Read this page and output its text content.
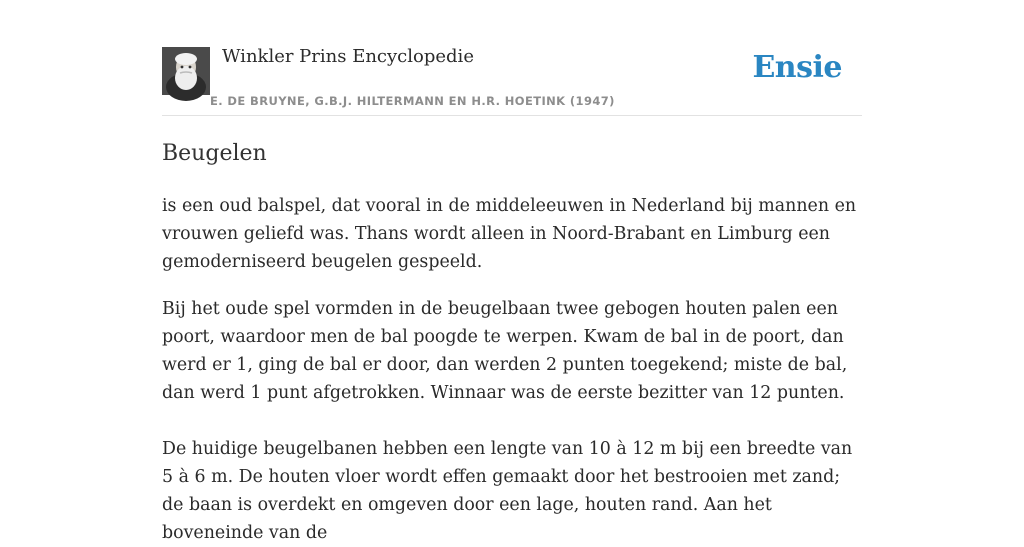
Winkler Prins Encyclopedie
E. DE BRUYNE, G.B.J. HILTERMANN EN H.R. HOETINK (1947)
Ensie
Beugelen

is een oud balspel, dat vooral in de middeleeuwen in Nederland bij mannen en vrouwen geliefd was. Thans wordt alleen in Noord-Brabant en Limburg een gemoderniseerd beugelen gespeeld.

Bij het oude spel vormden in de beugelbaan twee gebogen houten palen een poort, waardoor men de bal poogde te werpen. Kwam de bal in de poort, dan werd er 1, ging de bal er door, dan werden 2 punten toegekend; miste de bal, dan werd 1 punt afgetrokken. Winnaar was de eerste bezitter van 12 punten.

De huidige beugelbanen hebben een lengte van 10 à 12 m bij een breedte van 5 à 6 m. De houten vloer wordt effen gemaakt door het bestrooien met zand; de baan is overdekt en omgeven door een lage, houten rand. Aan het boveneinde van de
